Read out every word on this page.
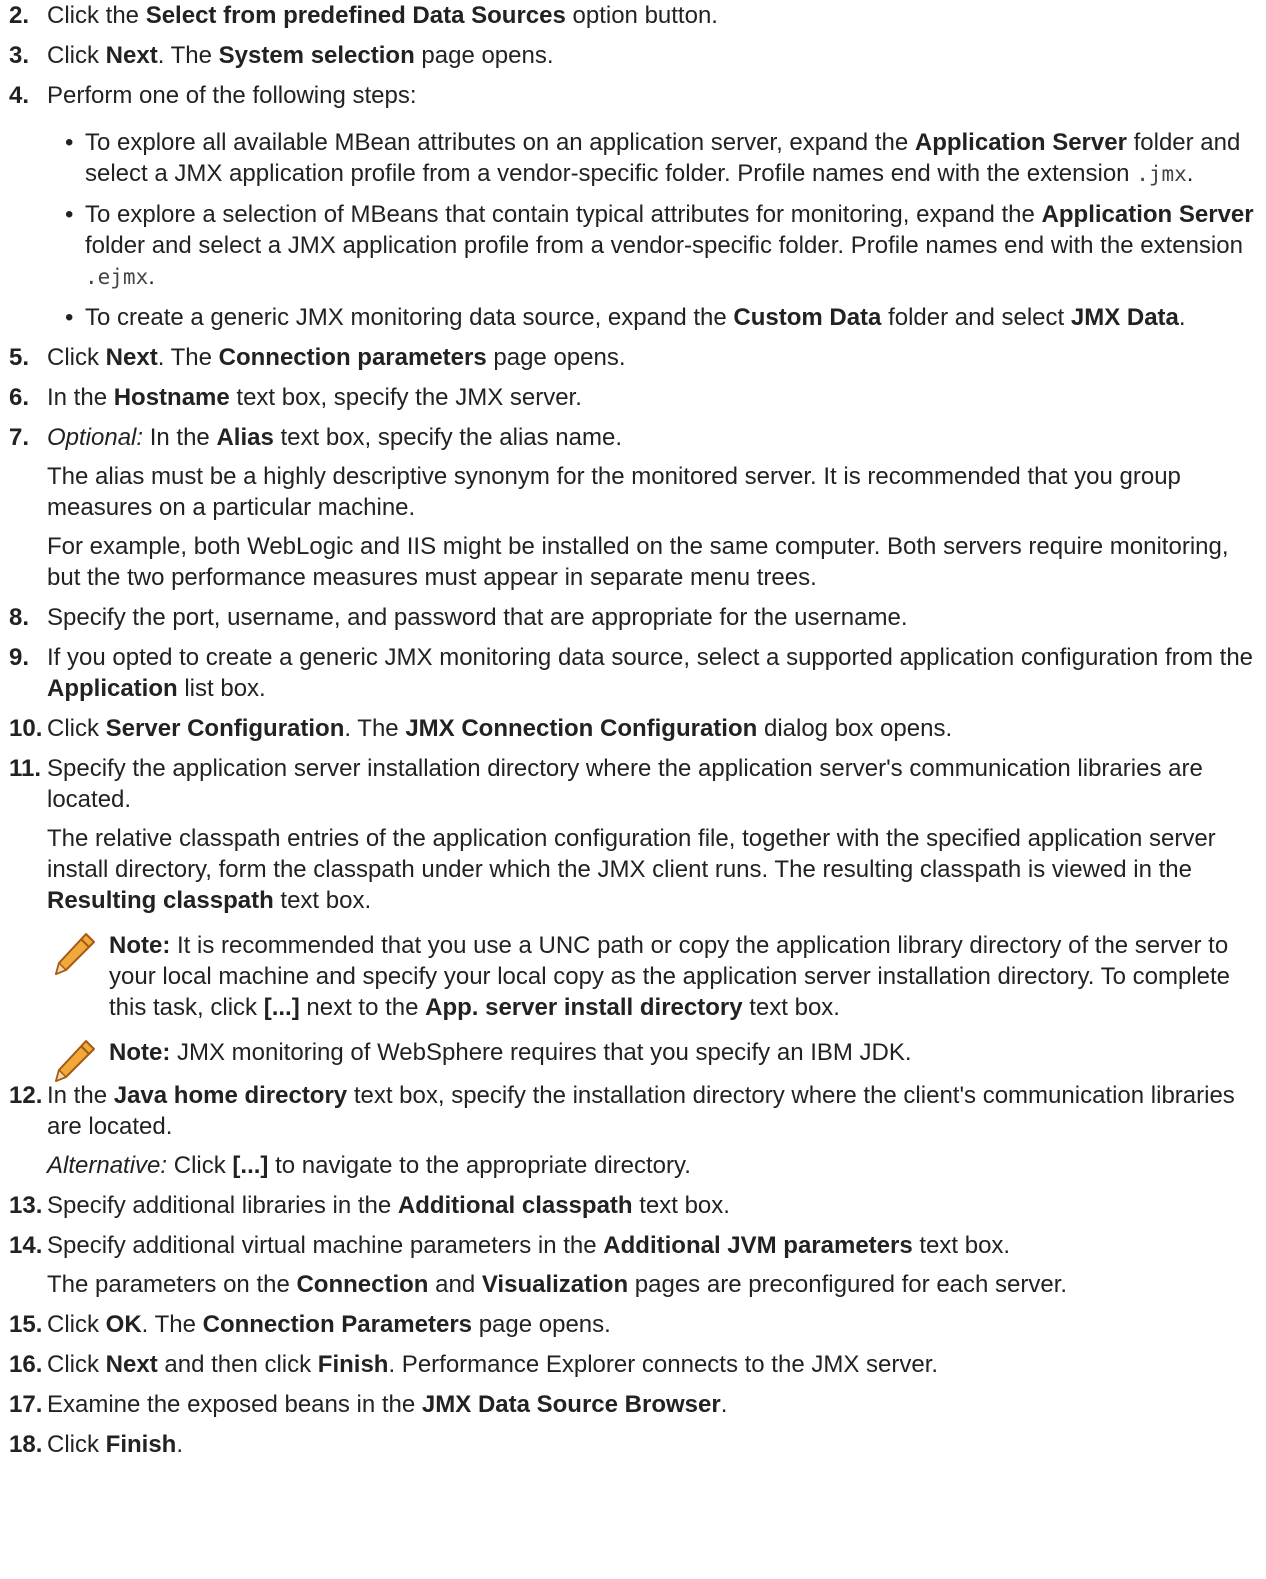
2. Click the Select from predefined Data Sources option button.
3. Click Next. The System selection page opens.
4. Perform one of the following steps:
• To explore all available MBean attributes on an application server, expand the Application Server folder and select a JMX application profile from a vendor-specific folder. Profile names end with the extension .jmx.
• To explore a selection of MBeans that contain typical attributes for monitoring, expand the Application Server folder and select a JMX application profile from a vendor-specific folder. Profile names end with the extension .ejmx.
• To create a generic JMX monitoring data source, expand the Custom Data folder and select JMX Data.
5. Click Next. The Connection parameters page opens.
6. In the Hostname text box, specify the JMX server.
7. Optional: In the Alias text box, specify the alias name.
The alias must be a highly descriptive synonym for the monitored server. It is recommended that you group measures on a particular machine.
For example, both WebLogic and IIS might be installed on the same computer. Both servers require monitoring, but the two performance measures must appear in separate menu trees.
8. Specify the port, username, and password that are appropriate for the username.
9. If you opted to create a generic JMX monitoring data source, select a supported application configuration from the Application list box.
10. Click Server Configuration. The JMX Connection Configuration dialog box opens.
11. Specify the application server installation directory where the application server's communication libraries are located.
The relative classpath entries of the application configuration file, together with the specified application server install directory, form the classpath under which the JMX client runs. The resulting classpath is viewed in the Resulting classpath text box.
Note: It is recommended that you use a UNC path or copy the application library directory of the server to your local machine and specify your local copy as the application server installation directory. To complete this task, click [...] next to the App. server install directory text box.
Note: JMX monitoring of WebSphere requires that you specify an IBM JDK.
12. In the Java home directory text box, specify the installation directory where the client's communication libraries are located.
Alternative: Click [...] to navigate to the appropriate directory.
13. Specify additional libraries in the Additional classpath text box.
14. Specify additional virtual machine parameters in the Additional JVM parameters text box.
The parameters on the Connection and Visualization pages are preconfigured for each server.
15. Click OK. The Connection Parameters page opens.
16. Click Next and then click Finish. Performance Explorer connects to the JMX server.
17. Examine the exposed beans in the JMX Data Source Browser.
18. Click Finish.
